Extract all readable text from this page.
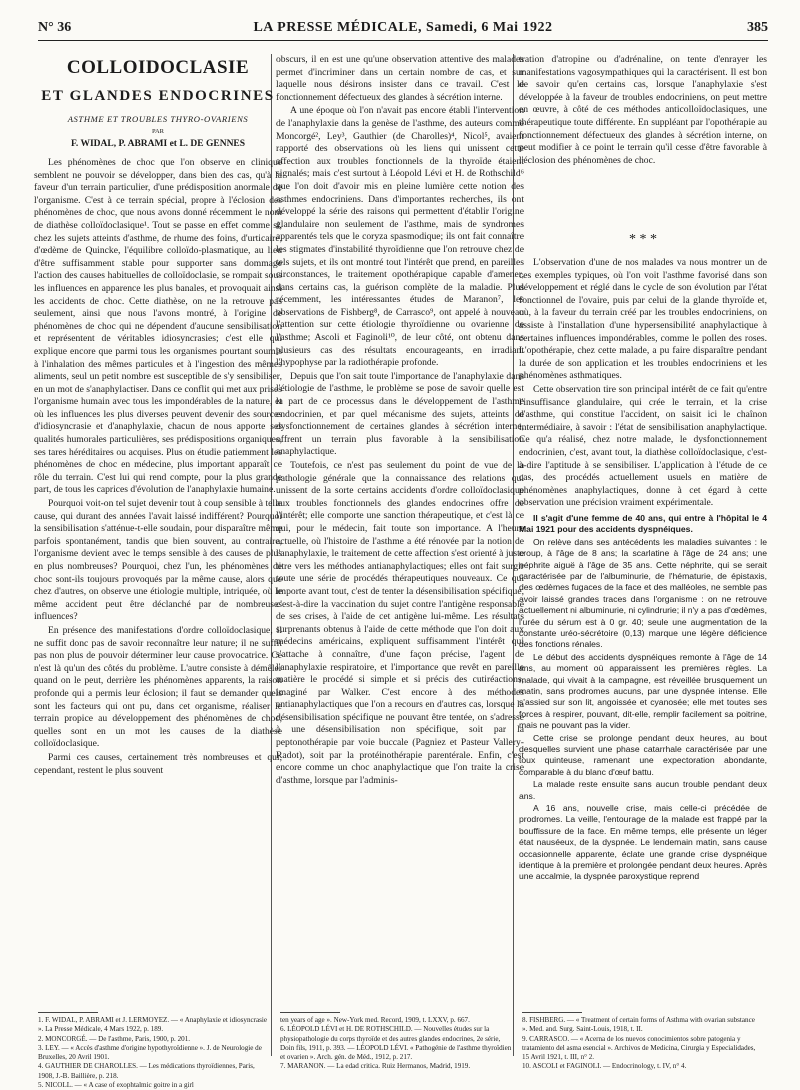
N° 36	LA PRESSE MÉDICALE, Samedi, 6 Mai 1922	385
COLLOIDOCLASIE
ET GLANDES ENDOCRINES
ASTHME ET TROUBLES THYRO-OVARIENS
PAR
F. WIDAL, P. ABRAMI et L. DE GENNES

Les phénomènes de choc que l'on observe en clinique semblent ne pouvoir se développer, dans bien des cas, qu'à la faveur d'un terrain particulier, d'une prédisposition anormale de l'organisme. C'est à ce terrain spécial, propre à l'éclosion des phénomènes de choc, que nous avons donné récemment le nom de diathèse colloïdoclasique¹. Tout se passe en effet comme si, chez les sujets atteints d'asthme, de rhume des foins, d'urticaire, d'œdème de Quincke, l'équilibre colloïdo-plasmatique, au lieu d'être suffisamment stable pour supporter sans dommage l'action des causes habituelles de colloïdoclasie, se rompait sous les influences en apparence les plus banales, et provoquait ainsi les accidents de choc. Cette diathèse, on ne la retrouve pas seulement, ainsi que nous l'avons montré, à l'origine de phénomènes de choc qui ne dépendent d'aucune sensibilisation et représentent de véritables idiosyncrasies; c'est elle qui explique encore que parmi tous les organismes pourtant soumis à l'inhalation des mêmes particules et à l'ingestion des mêmes aliments, seul un petit nombre est susceptible de s'y sensibiliser, en un mot de s'anaphylactiser. Dans ce conflit qui met aux prises l'organisme humain avec tous les impondérables de la nature, et où les influences les plus diverses peuvent devenir des sources d'idiosyncrasie et d'anaphylaxie, chacun de nous apporte ses qualités humorales particulières, ses prédispositions organiques, ses tares héréditaires ou acquises. Plus on étudie patiemment les phénomènes de choc en médecine, plus important apparaît ce rôle du terrain. C'est lui qui rend compte, pour la plus grande part, de tous les caprices d'évolution de l'anaphylaxie humaine.

Pourquoi voit-on tel sujet devenir tout à coup sensible à telle cause, qui durant des années l'avait laissé indifférent? Pourquoi la sensibilisation s'atténue-t-elle soudain, pour disparaître même parfois spontanément, tandis que bien souvent, au contraire, l'organisme devient avec le temps sensible à des causes de plus en plus nombreuses? Pourquoi, chez l'un, les phénomènes de choc sont-ils toujours provoqués par la même cause, alors que chez d'autres, on observe une étiologie multiple, intriquée, où le même accident peut être déclanché par de nombreuses influences?

En présence des manifestations d'ordre colloïdoclasique, il ne suffit donc pas de savoir reconnaître leur nature; il ne suffit pas non plus de pouvoir déterminer leur cause provocatrice. Ce n'est là qu'un des côtés du problème. L'autre consiste à démêler quand on le peut, derrière les phénomènes apparents, la raison profonde qui a permis leur éclosion; il faut se demander quels sont les facteurs qui ont pu, dans cet organisme, réaliser le terrain propice au développement des phénomènes de choc, quelles sont en un mot les causes de la diathèse colloïdoclasique.

Parmi ces causes, certainement très nombreuses et qui, cependant, restent le plus souvent

obscurs, il en est une qu'une observation attentive des malades permet d'incriminer dans un certain nombre de cas, et sur laquelle nous désirons insister dans ce travail. C'est le fonctionnement défectueux des glandes à sécrétion interne.

A une époque où l'on n'avait pas encore établi l'intervention de l'anaphylaxie dans la genèse de l'asthme, des auteurs comme Moncorgé², Ley³, Gauthier (de Charolles)⁴, Nicol⁵, avaient rapporté des observations où les liens qui unissent cette affection aux troubles fonctionnels de la thyroïde étaient signalés; mais c'est surtout à Léopold Lévi et H. de Rothschild⁶ que l'on doit d'avoir mis en pleine lumière cette notion des asthmes endocriniens. Dans d'importantes recherches, ils ont développé la série des raisons qui permettent d'établir l'origine glandulaire non seulement de l'asthme, mais de syndromes apparentés tels que le coryza spasmodique; ils ont fait connaître les stigmates d'instabilité thyroïdienne que l'on retrouve chez de tels sujets, et ils ont montré tout l'intérêt que prend, en pareilles circonstances, le traitement opothérapique capable d'amener, dans certains cas, la guérison complète de la maladie. Plus récemment, les intéressantes études de Maranon⁷, les observations de Fishberg⁸, de Carrasco⁹, ont appelé à nouveau l'attention sur cette étiologie thyroïdienne ou ovarienne de l'asthme; Ascoli et Faginoli¹⁰, de leur côté, ont obtenu dans plusieurs cas des résultats encourageants, en irradiant l'hypophyse par la radiothérapie profonde.

Depuis que l'on sait toute l'importance de l'anaphylaxie dans l'étiologie de l'asthme, le problème se pose de savoir quelle est la part de ce processus dans le développement de l'asthme endocrinien, et par quel mécanisme des sujets, atteints de dysfonctionnement de certaines glandes à sécrétion interne, offrent un terrain plus favorable à la sensibilisation anaphylactique.

Toutefois, ce n'est pas seulement du point de vue de la pathologie générale que la connaissance des relations qui unissent de la sorte certains accidents d'ordre colloïdoclasique aux troubles fonctionnels des glandes endocrines offre de l'intérêt; elle comporte une sanction thérapeutique, et c'est là ce qui, pour le médecin, fait toute son importance. A l'heure actuelle, où l'histoire de l'asthme a été rénovée par la notion de l'anaphylaxie, le traitement de cette affection s'est orienté à juste titre vers les méthodes antianaphylactiques; elles ont fait surgir toute une série de procédés thérapeutiques nouveaux. Ce qui importe avant tout, c'est de tenter la désensibilisation spécifique, c'est-à-dire la vaccination du sujet contre l'antigène responsable de ses crises, à l'aide de cet antigène lui-même. Les résultats surprenants obtenus à l'aide de cette méthode que l'on doit aux médecins américains, expliquent suffisamment l'intérêt qui s'attache à connaître, d'une façon précise, l'agent de l'anaphylaxie respiratoire, et l'importance que revêt en pareille matière le procédé si simple et si précis des cutiréactions, imaginé par Walker. C'est encore à des méthodes antianaphylactiques que l'on a recours en d'autres cas, lorsque la désensibilisation spécifique ne pouvant être tentée, on s'adresse à une désensibilisation non spécifique, soit par la peptonothérapie par voie buccale (Pagniez et Pasteur Vallery-Radot), soit par la protéinothérapie parentérale. Enfin, c'est encore comme un choc anaphylactique que l'on traite la crise d'asthme, lorsque par l'adminis-

tration d'atropine ou d'adrénaline, on tente d'enrayer les manifestations vagosympathiques qui la caractérisent. Il est bon de savoir qu'en certains cas, lorsque l'anaphylaxie s'est développée à la faveur de troubles endocriniens, on peut mettre en œuvre, à côté de ces méthodes anticolloïdoclasiques, une thérapeutique toute différente. En suppléant par l'opothérapie au fonctionnement défectueux des glandes à sécrétion interne, on peut modifier à ce point le terrain qu'il cesse d'être favorable à l'éclosion des phénomènes de choc.

* * *

L'observation d'une de nos malades va nous montrer un de ces exemples typiques, où l'on voit l'asthme favorisé dans son développement et réglé dans le cycle de son évolution par l'état fonctionnel de l'ovaire, puis par celui de la glande thyroïde et, où, à la faveur du terrain créé par les troubles endocriniens, on assiste à l'installation d'une hypersensibilité anaphylactique à certaines influences impondérables, comme le pollen des roses. L'opothérapie, chez cette malade, a pu faire disparaître pendant la durée de son application et les troubles endocriniens et les phénomènes asthmatiques.

Cette observation tire son principal intérêt de ce fait qu'entre l'insuffisance glandulaire, qui crée le terrain, et la crise d'asthme, qui constitue l'accident, on saisit ici le chaînon intermédiaire, à savoir : l'état de sensibilisation anaphylactique. Ce qu'a réalisé, chez notre malade, le dysfonctionnement endocrinien, c'est, avant tout, la diathèse colloïdoclasique, c'est-à-dire l'aptitude à se sensibiliser. L'application à l'étude de ce cas, des procédés actuellement usuels en matière de phénomènes anaphylactiques, donne à cet égard à cette observation une précision vraiment expérimentale.

Il s'agit d'une femme de 40 ans, qui entre à l'hôpital le 4 Mai 1921 pour des accidents dyspnéiques.

On relève dans ses antécédents les maladies suivantes : le croup, à l'âge de 8 ans; la scarlatine à l'âge de 24 ans; une néphrite aiguë à l'âge de 35 ans. Cette néphrite, qui se serait caractérisée par de l'albuminurie, de l'hématurie, de épistaxis, des œdèmes fugaces de la face et des malléoles, ne semble pas avoir laissé grandes traces dans l'organisme : on ne retrouve actuellement ni albuminurie, ni cylindrurie; il n'y a pas d'œdèmes, l'urée du sérum est à 0 gr. 40; seule une augmentation de la constante uréo-sécrétoire (0,13) marque une légère déficience des fonctions rénales.

Le début des accidents dyspnéiques remonte à l'âge de 14 ans, au moment où apparaissent les premières règles. La malade, qui vivait à la campagne, est réveillée brusquement un matin, sans prodromes aucuns, par une dyspnée intense. Elle s'assied sur son lit, angoissée et cyanosée; elle met toutes ses forces à respirer, pouvant, dit-elle, remplir facilement sa poitrine, mais ne pouvant pas la vider.

Cette crise se prolonge pendant deux heures, au bout desquelles survient une phase catarrhale caractérisée par une toux quinteuse, ramenant une expectoration abondante, comparable à du blanc d'œuf battu.

La malade reste ensuite sans aucun trouble pendant deux ans.

A 16 ans, nouvelle crise, mais celle-ci précédée de prodromes. La veille, l'entourage de la malade est frappé par la bouffissure de la face. En même temps, elle présente un léger état nauséeux, de la dyspnée. Le lendemain matin, sans cause occasionnelle apparente, éclate une grande crise dyspnéique identique à la première et prolongée pendant deux heures. Après une accalmie, la dyspnée paroxystique reprend

1. F. WIDAL, P. ABRAMI et J. LERMOYEZ. — « Anaphylaxie et idiosyncrasie ». La Presse Médicale, 4 Mars 1922, p. 189.
2. MONCORGÉ. — De l'asthme, Paris, 1900, p. 201.
3. LEY. — « Accès d'asthme d'origine hypothyroïdienne ». J. de Neurologie de Bruxelles, 20 Avril 1901.
4. GAUTHIER DE CHAROLLES. — Les médications thyroïdiennes, Paris, 1908, J.-B. Baillière, p. 218.
5. NICOLL. — « A case of exophtalmic goitre in a girl
ten years of age ». New-York med. Record, 1909, t. LXXV, p. 667.
6. LÉOPOLD LÉVI et H. DE ROTHSCHILD. — Nouvelles études sur la physiopathologie du corps thyroïde et des autres glandes endocrines, 2e série, Doin fils, 1911, p. 393. — LÉOPOLD LÉVI. « Pathogénie de l'asthme thyroïdien et ovarien ». Arch. gén. de Méd., 1912, p. 217.
7. MARANON. — La edad critica. Ruiz Hermanos, Madrid, 1919.
8. FISHBERG. — « Treatment of certain forms of Asthma with ovarian substance ». Med. and. Surg. Saint-Louis, 1918, t. II.
9. CARRASCO. — « Acerna de los nuevos conocimientos sobre patogenia y tratamiento del asma esencial ». Archivos de Medicina, Cirurgia y Especialidades, 15 Avril 1921, t. III, n° 2.
10. ASCOLI et FAGINOLI. — Endocrinology, t. IV, n° 4.
